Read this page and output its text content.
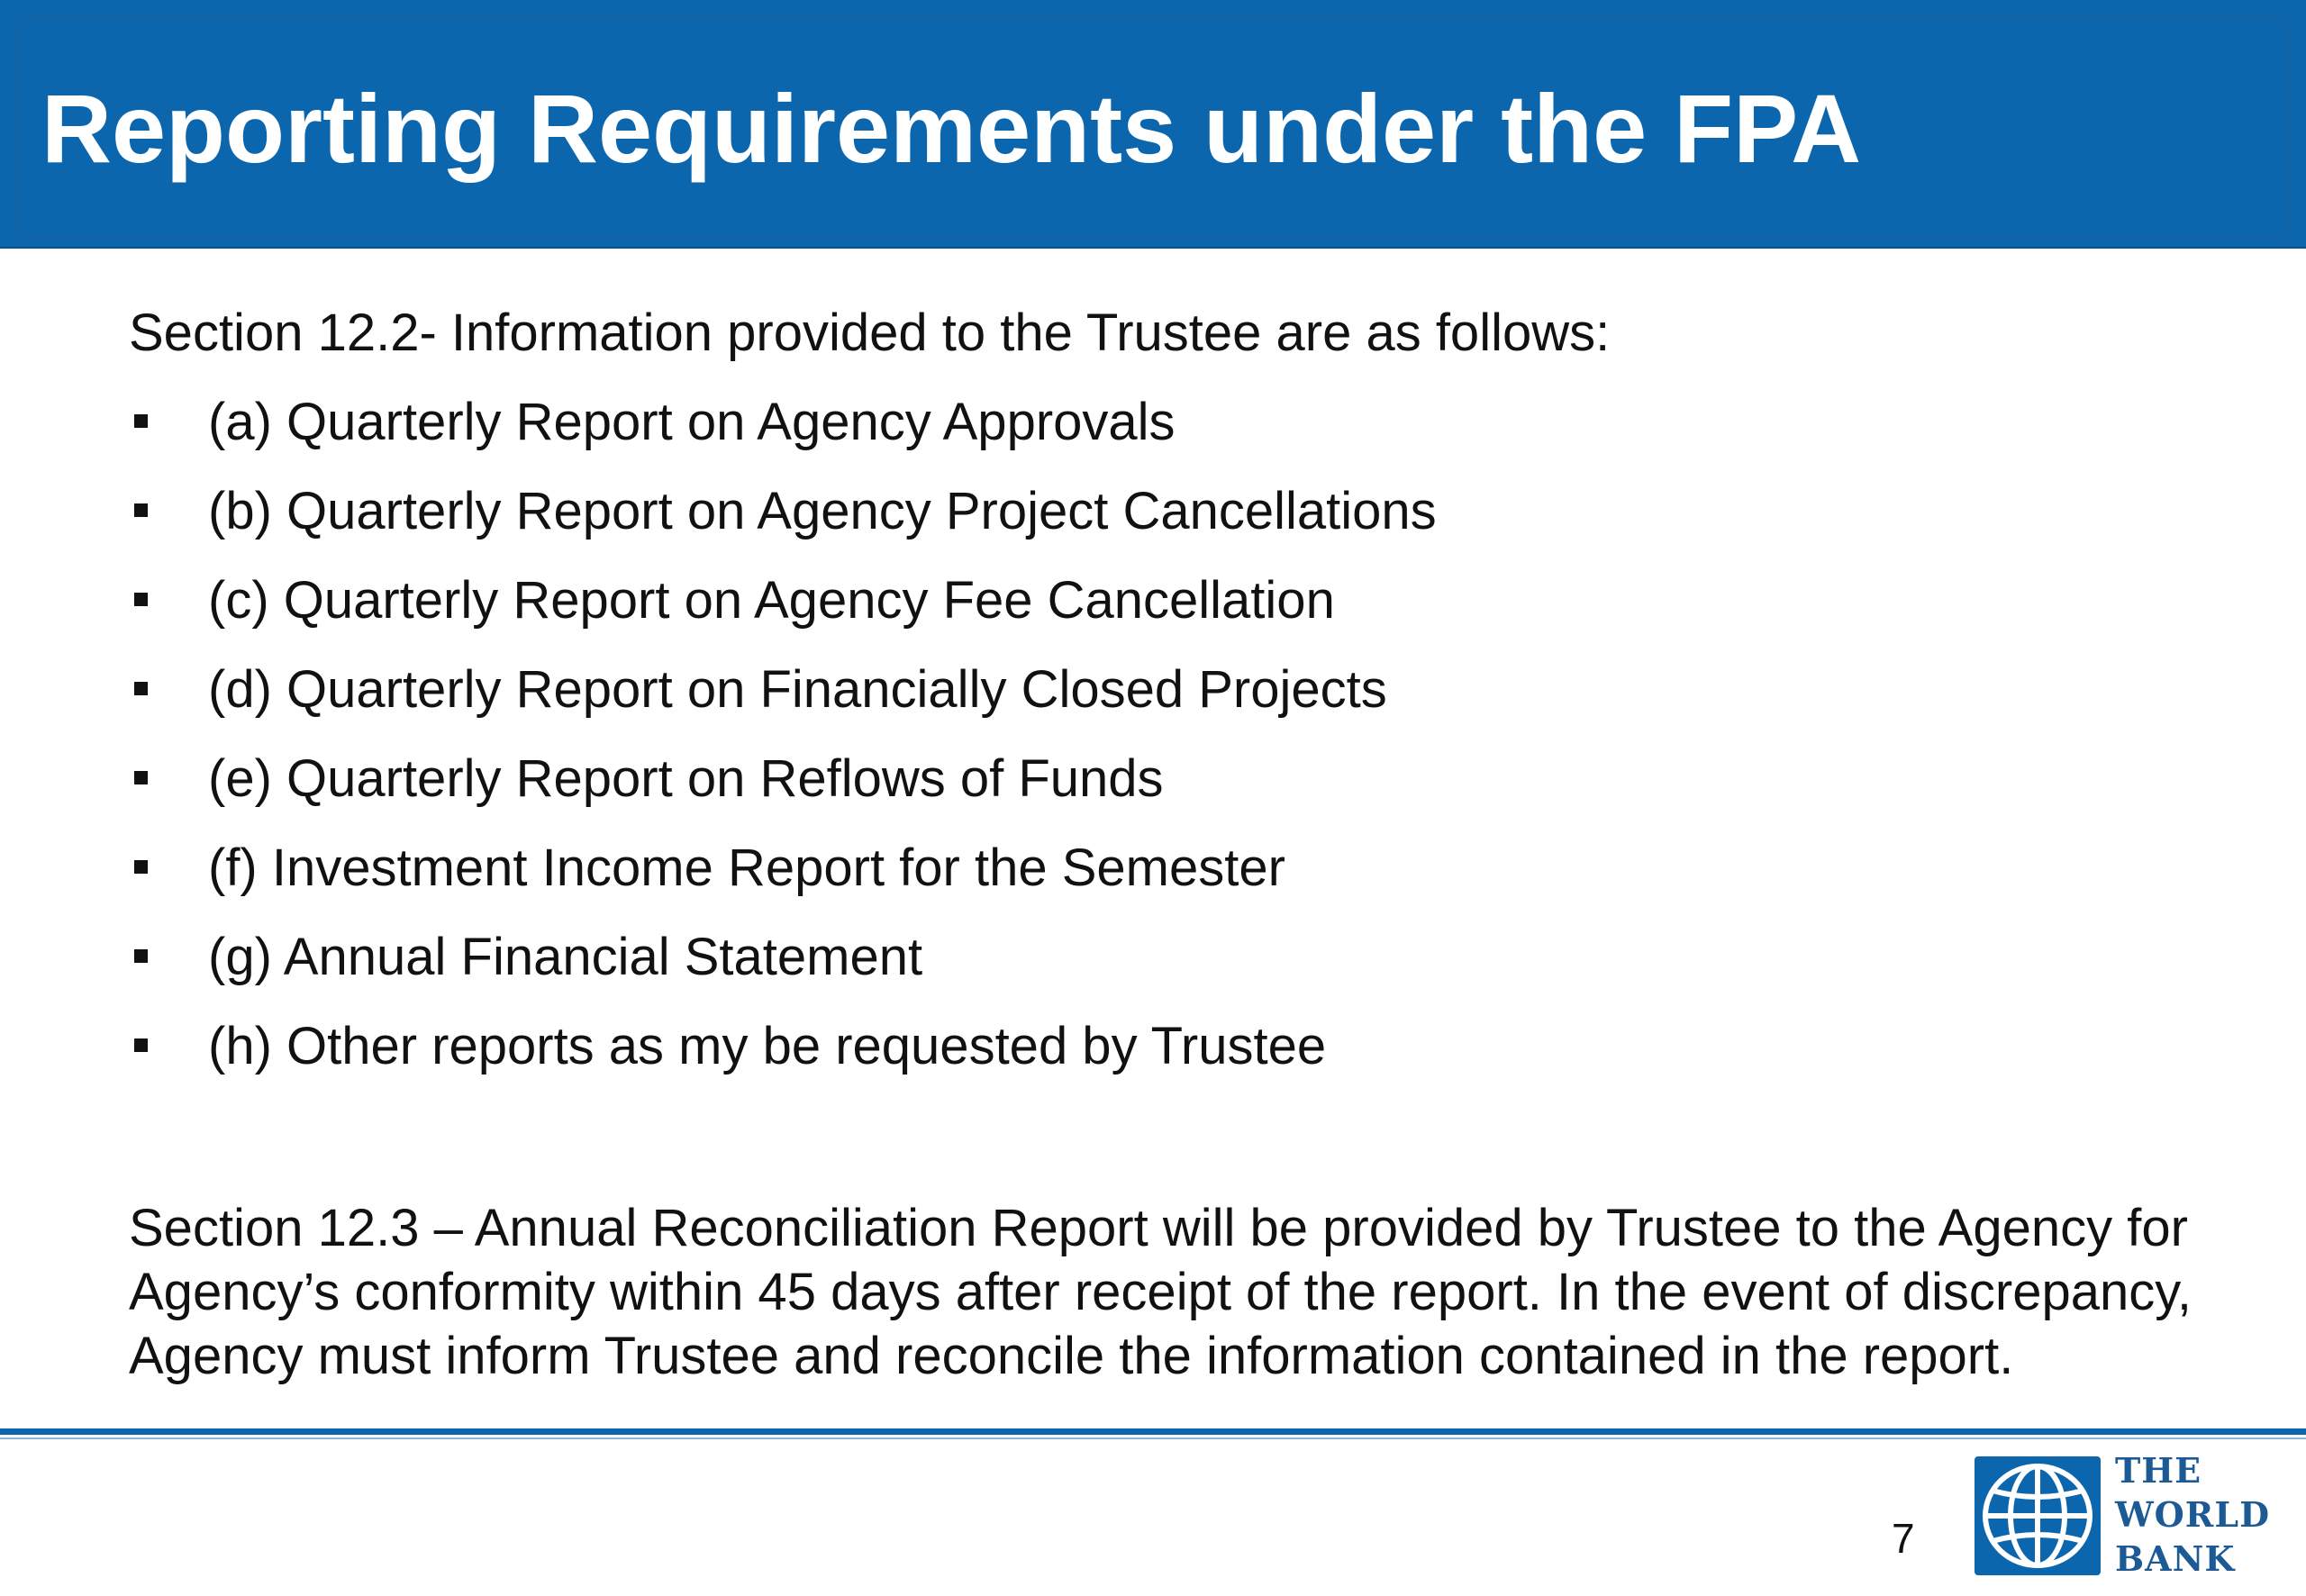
Reporting Requirements under the FPA

Section 12.2- Information provided to the Trustee are as follows:

(a) Quarterly Report on Agency Approvals
(b) Quarterly Report on Agency Project Cancellations
(c) Quarterly Report on Agency Fee Cancellation
(d) Quarterly Report on Financially Closed Projects
(e) Quarterly Report on Reflows of Funds
(f) Investment Income Report for the Semester
(g) Annual Financial Statement
(h) Other reports as my be requested by Trustee

Section 12.3 – Annual Reconciliation Report will be provided by Trustee to the Agency for Agency’s conformity within 45 days after receipt of the report. In the event of discrepancy, Agency must inform Trustee and reconcile the information contained in the report.

7
THE
WORLD
BANK
